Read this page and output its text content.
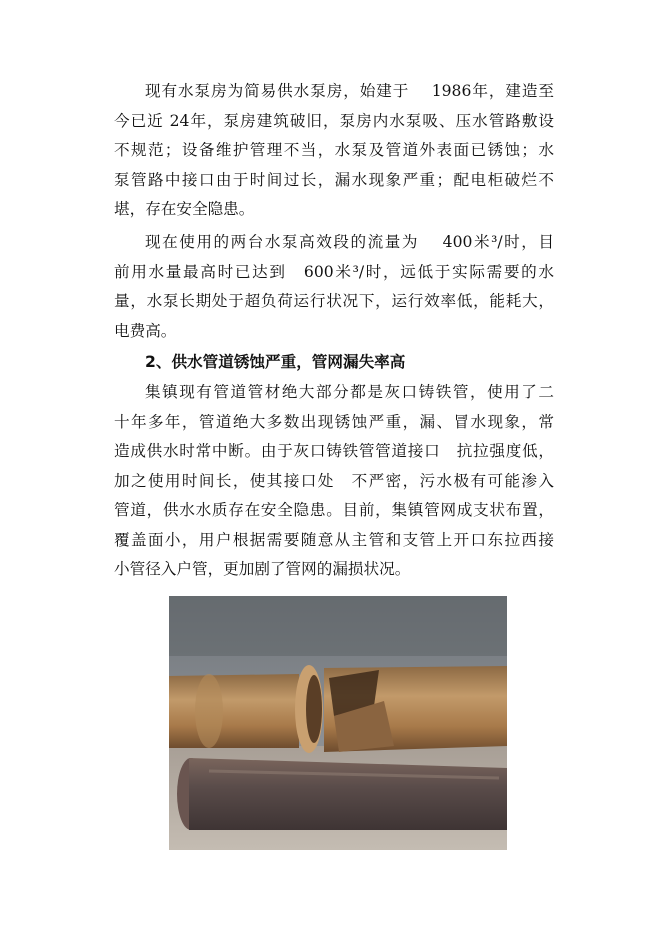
现有水泵房为简易供水泵房，始建于　 1986年，建造至
今已近 24年，泵房建筑破旧，泵房内水泵吸、压水管路敷设
不规范；设备维护管理不当，水泵及管道外表面已锈蚀；水
泵管路中接口由于时间过长，漏水现象严重；配电柜破烂不
堪，存在安全隐患。
现在使用的两台水泵高效段的流量为　 400米³/时，目
前用水量最高时已达到　600米³/时，远低于实际需要的水
量，水泵长期处于超负荷运行状况下，运行效率低，能耗大，
电费高。
2、供水管道锈蚀严重，管网漏失率高
集镇现有管道管材绝大部分都是灰口铸铁管，使用了二
十年多年，管道绝大多数出现锈蚀严重，漏、冒水现象，常
造成供水时常中断。由于灰口铸铁管管道接口　抗拉强度低，
加之使用时间长，使其接口处　不严密，污水极有可能渗入
管道，供水水质存在安全隐患。目前，集镇管网成支状布置，
覆盖面小，用户根据需要随意从主管和支管上开口东拉西接
小管径入户管，更加剧了管网的漏损状况。
